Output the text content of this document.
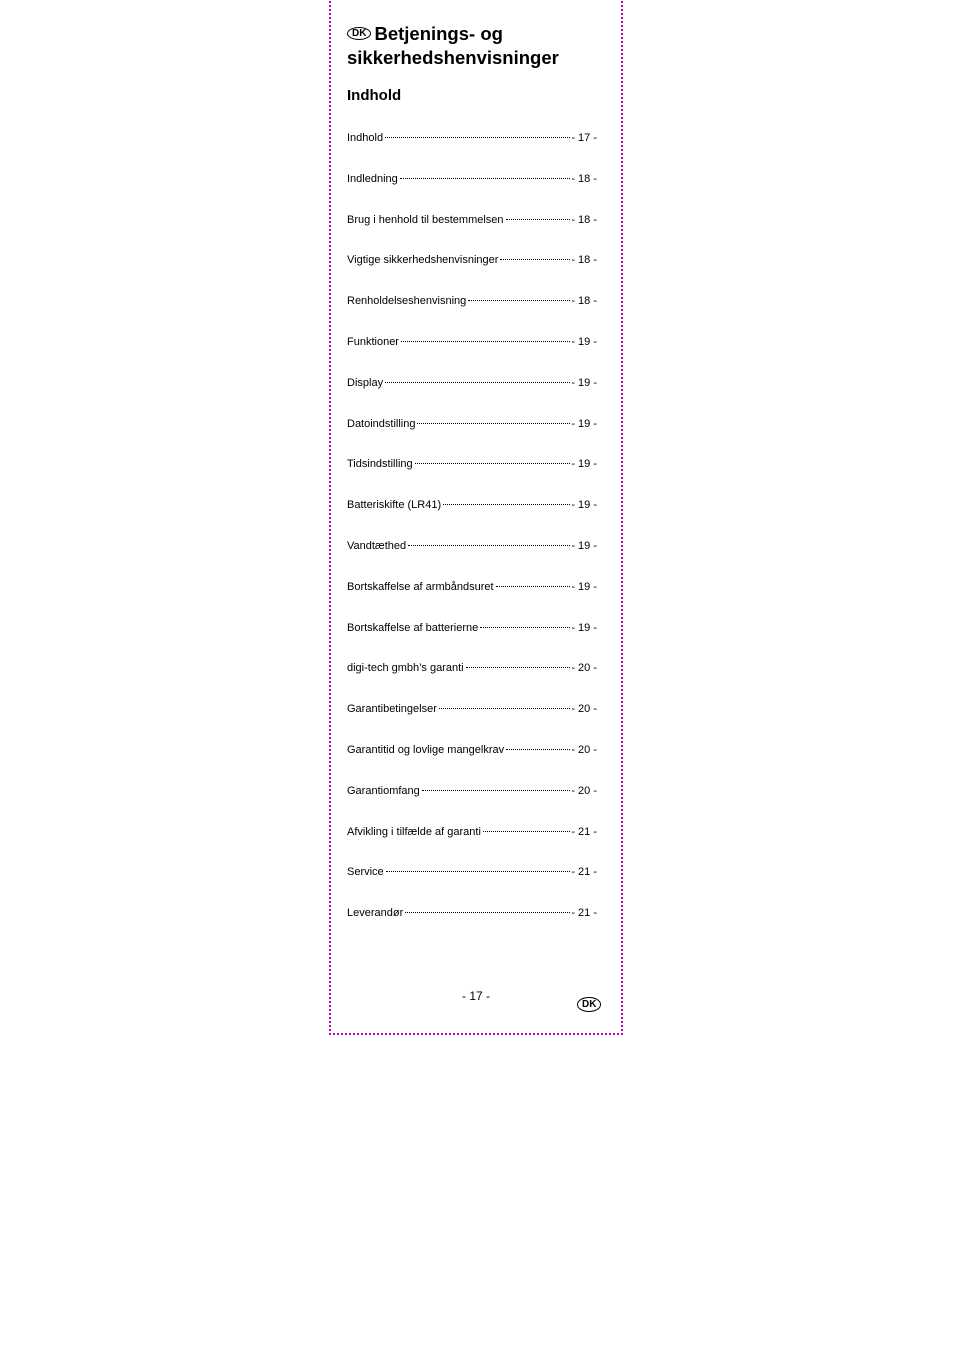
DK Betjenings- og
sikkerhedshenvisninger
Indhold
Indhold	- 17 -
Indledning	- 18 -
Brug i henhold til bestemmelsen	- 18 -
Vigtige sikkerhedshenvisninger	- 18 -
Renholdelseshenvisning	- 18 -
Funktioner	- 19 -
Display	- 19 -
Datoindstilling	- 19 -
Tidsindstilling	- 19 -
Batteriskifte (LR41)	- 19 -
Vandtæthed	- 19 -
Bortskaffelse af armbåndsuret	- 19 -
Bortskaffelse af batterierne	- 19 -
digi-tech gmbh’s garanti	- 20 -
Garantibetingelser	- 20 -
Garantitid og lovlige mangelkrav	- 20 -
Garantiomfang	- 20 -
Afvikling i tilfælde af garanti	- 21 -
Service	- 21 -
Leverandør	- 21 -
- 17 -
DK
